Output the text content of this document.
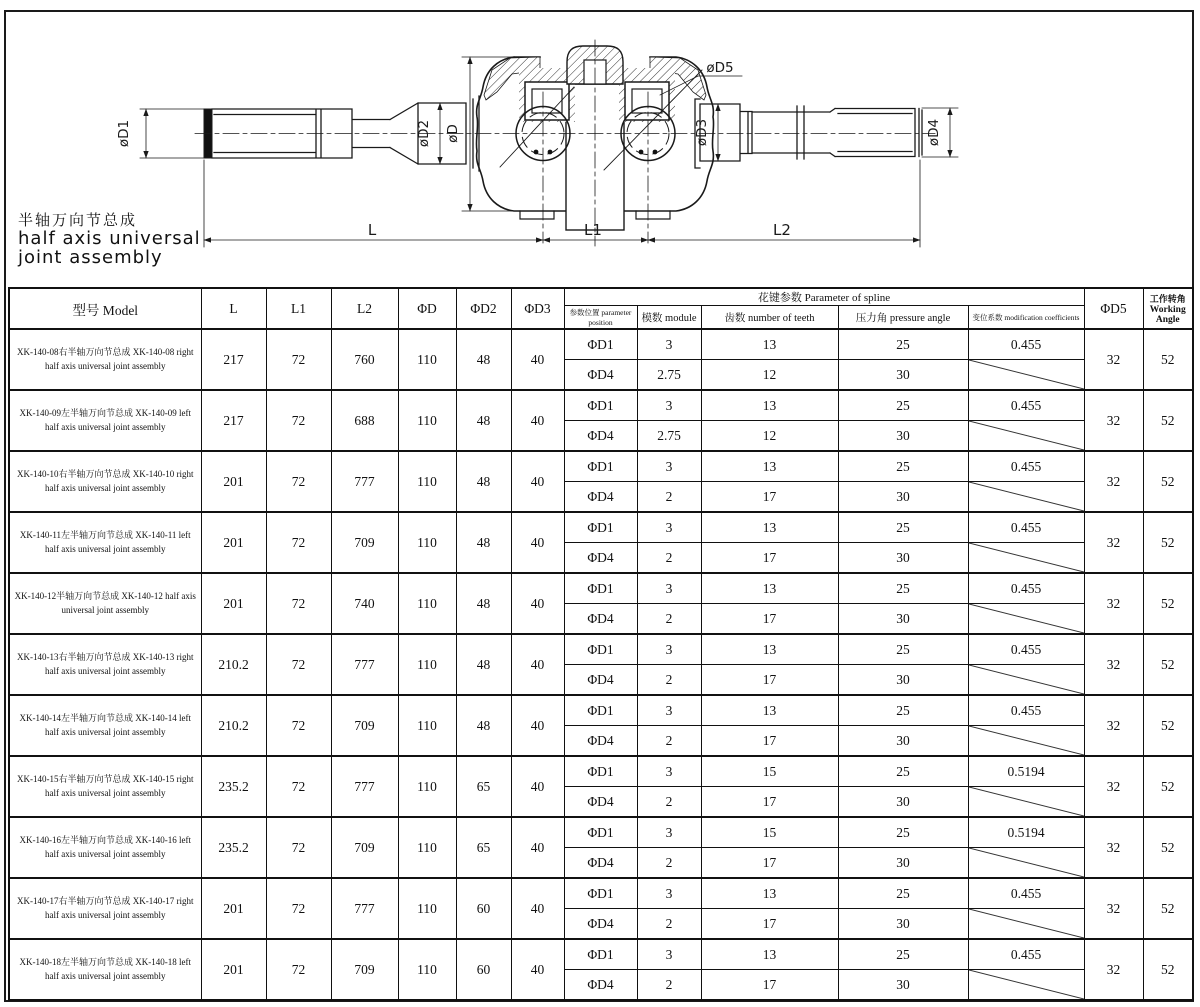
øD1	øD2 øD
øD5
øD3	øD4
L	L1	L2
半轴万向节总成
half axis universal
joint assembly
型号 Model	L	L1	L2	ΦD	ΦD2	ΦD3	花键参数 Parameter of spline					ΦD5	工作转角
Working Angle

							参数位置 parameter position	模数 module	齿数 number of teeth	压力角 pressure angle	变位系数 modification coefficients		
XK-140-08右半轴万向节总成 XK-140-08 right half axis universal joint assembly	217	72	760	110	48	40	ΦD1	3	13	25	0.455	32	52
							ΦD4	2.75	12	30	

XK-140-09左半轴万向节总成 XK-140-09 left half axis universal joint assembly	217	72	688	110	48	40	ΦD1	3	13	25	0.455	32	52
							ΦD4	2.75	12	30	

XK-140-10右半轴万向节总成 XK-140-10 right half axis universal joint assembly	201	72	777	110	48	40	ΦD1	3	13	25	0.455	32	52
							ΦD4	2	17	30	

XK-140-11左半轴万向节总成 XK-140-11 left half axis universal joint assembly	201	72	709	110	48	40	ΦD1	3	13	25	0.455	32	52
							ΦD4	2	17	30	

XK-140-12半轴万向节总成 XK-140-12 half axis universal joint assembly	201	72	740	110	48	40	ΦD1	3	13	25	0.455	32	52
							ΦD4	2	17	30	

XK-140-13右半轴万向节总成 XK-140-13 right half axis universal joint assembly	210.2	72	777	110	48	40	ΦD1	3	13	25	0.455	32	52
							ΦD4	2	17	30	

XK-140-14左半轴万向节总成 XK-140-14 left half axis universal joint assembly	210.2	72	709	110	48	40	ΦD1	3	13	25	0.455	32	52
							ΦD4	2	17	30	

XK-140-15右半轴万向节总成 XK-140-15 right half axis universal joint assembly	235.2	72	777	110	65	40	ΦD1	3	15	25	0.5194	32	52
							ΦD4	2	17	30	

XK-140-16左半轴万向节总成 XK-140-16 left half axis universal joint assembly	235.2	72	709	110	65	40	ΦD1	3	15	25	0.5194	32	52
							ΦD4	2	17	30	

XK-140-17右半轴万向节总成 XK-140-17 right half axis universal joint assembly	201	72	777	110	60	40	ΦD1	3	13	25	0.455	32	52
							ΦD4	2	17	30	

XK-140-18左半轴万向节总成 XK-140-18 left half axis universal joint assembly	201	72	709	110	60	40	ΦD1	3	13	25	0.455	32	52
							ΦD4	2	17	30	
